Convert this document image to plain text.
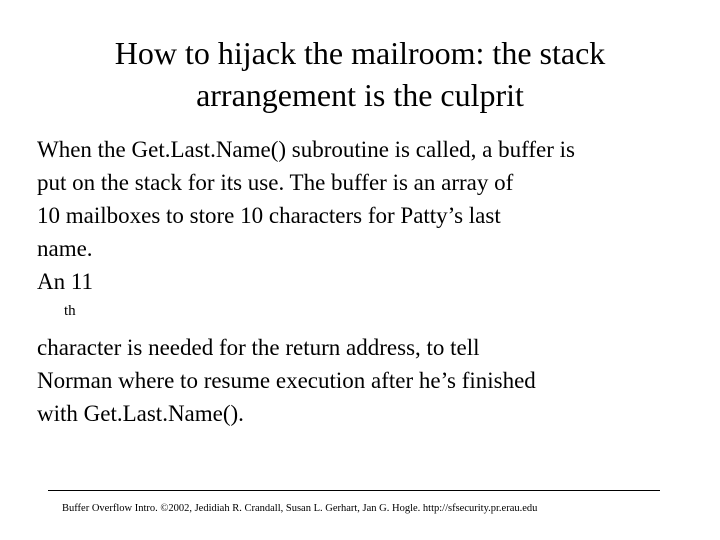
How to hijack the mailroom: the stack
arrangement is the culprit

When the Get.Last.Name() subroutine is called, a buffer is
put on the stack for its use. The buffer is an array of
10 mailboxes to store 10 characters for Patty’s last
name.

An 11
$^{th}$
character is needed for the return address, to tell
Norman where to resume execution after he’s finished
with Get.Last.Name().

Buffer Overflow Intro. ©2002, Jedidiah R. Crandall, Susan L. Gerhart, Jan G. Hogle. http://sfsecurity.pr.erau.edu
